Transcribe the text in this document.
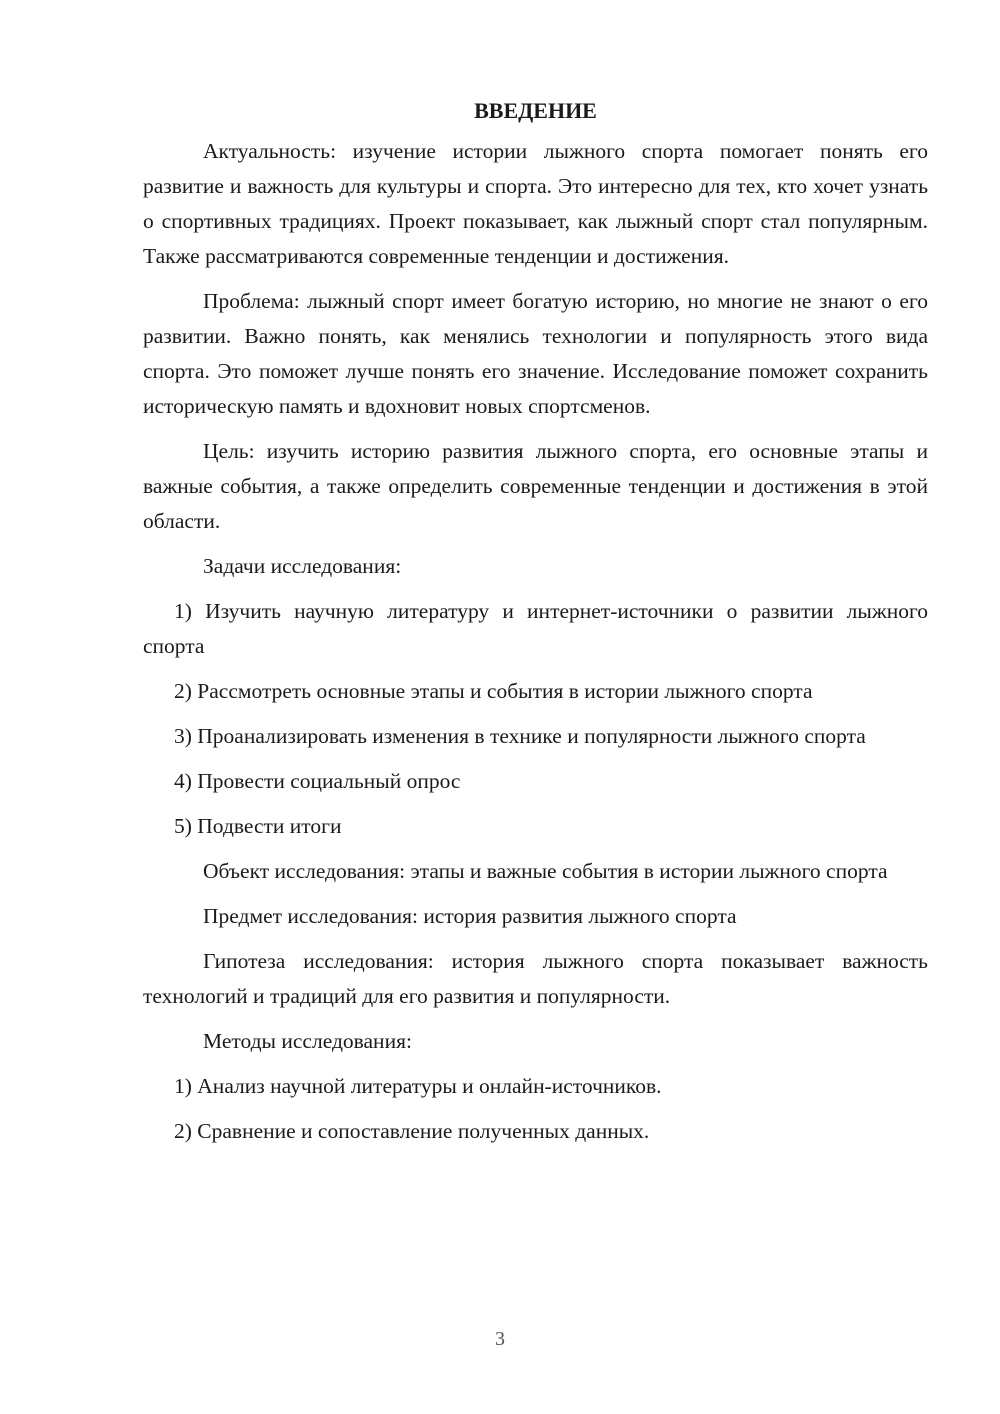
ВВЕДЕНИЕ

Актуальность: изучение истории лыжного спорта помогает понять его развитие и важность для культуры и спорта. Это интересно для тех, кто хочет узнать о спортивных традициях. Проект показывает, как лыжный спорт стал популярным. Также рассматриваются современные тенденции и достижения.

Проблема: лыжный спорт имеет богатую историю, но многие не знают о его развитии. Важно понять, как менялись технологии и популярность этого вида спорта. Это поможет лучше понять его значение. Исследование поможет сохранить историческую память и вдохновит новых спортсменов.

Цель: изучить историю развития лыжного спорта, его основные этапы и важные события, а также определить современные тенденции и достижения в этой области.

Задачи исследования:

1) Изучить научную литературу и интернет-источники о развитии лыжного спорта

2) Рассмотреть основные этапы и события в истории лыжного спорта

3) Проанализировать изменения в технике и популярности лыжного спорта

4) Провести социальный опрос

5) Подвести итоги

Объект исследования: этапы и важные события в истории лыжного спорта

Предмет исследования: история развития лыжного спорта

Гипотеза исследования: история лыжного спорта показывает важность технологий и традиций для его развития и популярности.

Методы исследования:

1) Анализ научной литературы и онлайн-источников.

2) Сравнение и сопоставление полученных данных.

3
